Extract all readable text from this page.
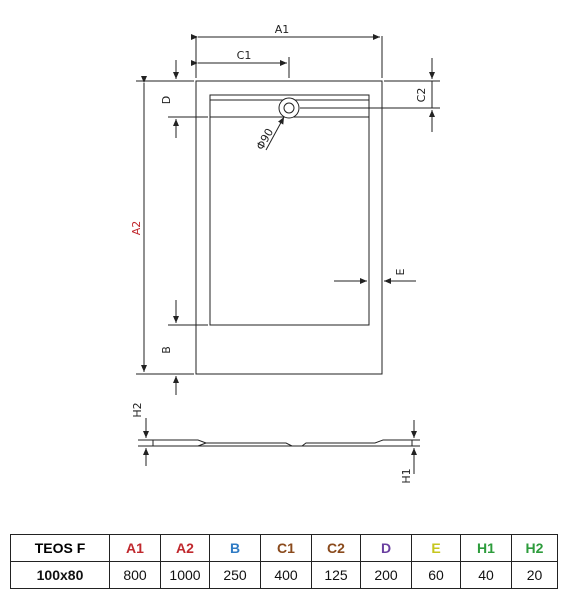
A1
C1
C2
D
A2
B
E
H2
H1
Φ90
TEOS F	A1	A2	B	C1	C2	D	E	H1	H2
100x80	800	1000	250	400	125	200	60	40	20
